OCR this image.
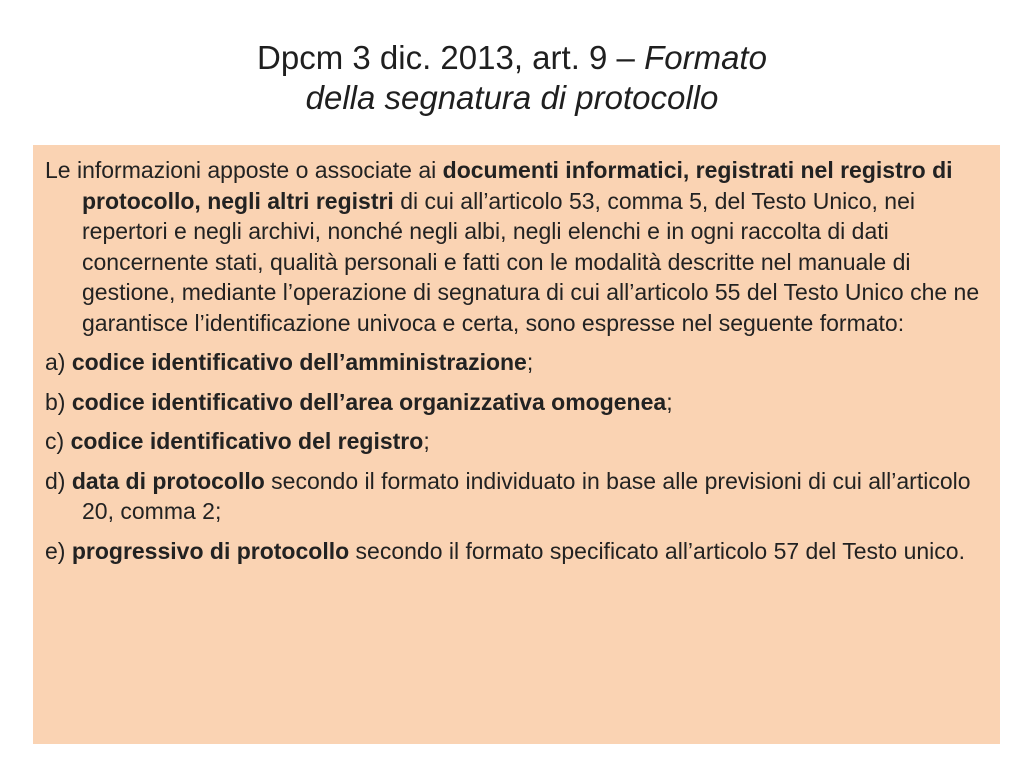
Dpcm 3 dic. 2013, art. 9 – Formato
della segnatura di protocollo

Le informazioni apposte o associate ai documenti informatici, registrati nel registro di protocollo, negli altri registri di cui all’articolo 53, comma 5, del Testo Unico, nei repertori e negli archivi, nonché negli albi, negli elenchi e in ogni raccolta di dati concernente stati, qualità personali e fatti con le modalità descritte nel manuale di gestione, mediante l’operazione di segnatura di cui all’articolo 55 del Testo Unico che ne garantisce l’identificazione univoca e certa, sono espresse nel seguente formato:

a) codice identificativo dell’amministrazione;

b) codice identificativo dell’area organizzativa omogenea;

c) codice identificativo del registro;

d) data di protocollo secondo il formato individuato in base alle previsioni di cui all’articolo 20, comma 2;

e) progressivo di protocollo secondo il formato specificato all’articolo 57 del Testo unico.
